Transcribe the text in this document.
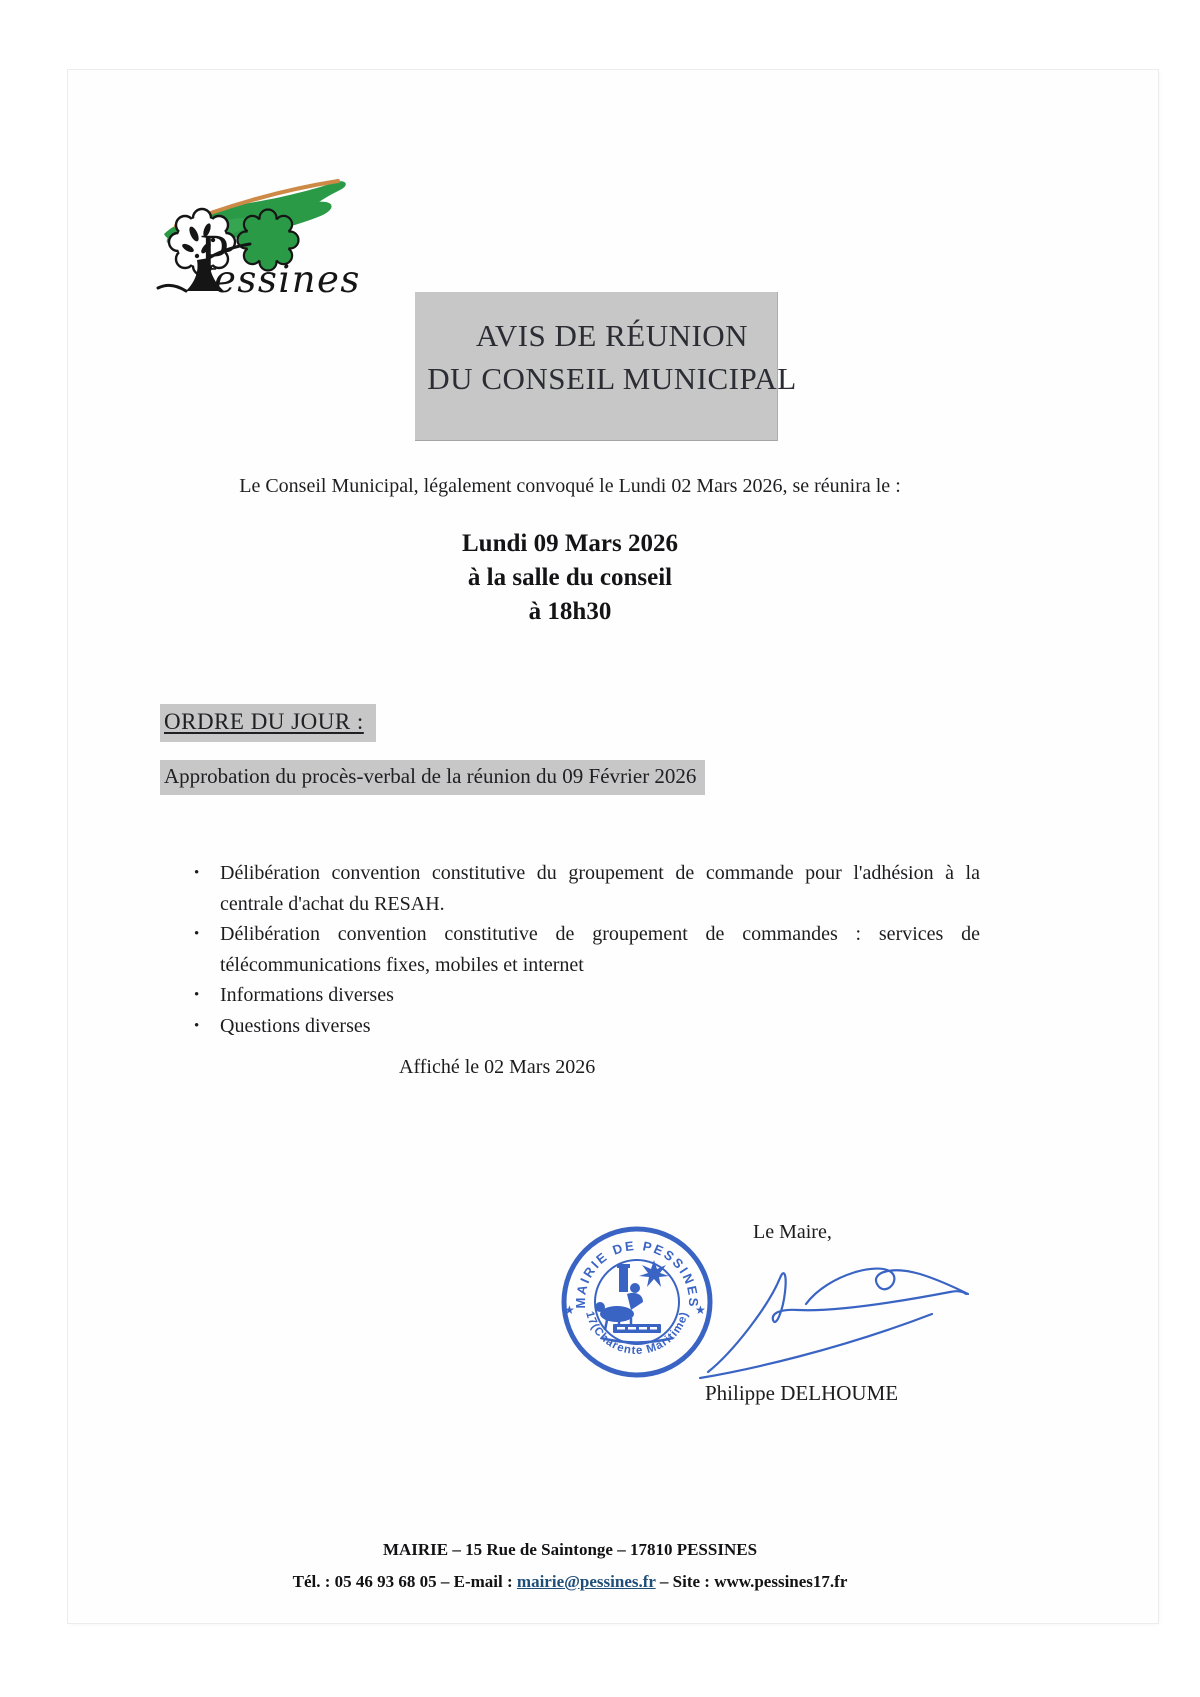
P
essines
AVIS DE RÉUNION
DU CONSEIL MUNICIPAL

Le Conseil Municipal, légalement convoqué le Lundi 02 Mars 2026, se réunira le :

Lundi 09 Mars 2026
à la salle du conseil
à 18h30
ORDRE DU JOUR :
Approbation du procès-verbal de la réunion du 09 Février 2026
• Délibération convention constitutive du groupement de commande pour l'adhésion à la centrale d'achat du RESAH.
• Délibération convention constitutive de groupement de commandes : services de télécommunications fixes, mobiles et internet
• Informations diverses
• Questions diverses
Affiché le 02 Mars 2026
MAIRIE DE PESSINES
17(Charente Maritime)
★	★
Le Maire,
Philippe DELHOUME
MAIRIE – 15 Rue de Saintonge – 17810 PESSINES
Tél. : 05 46 93 68 05 – E-mail : mairie@pessines.fr – Site : www.pessines17.fr
